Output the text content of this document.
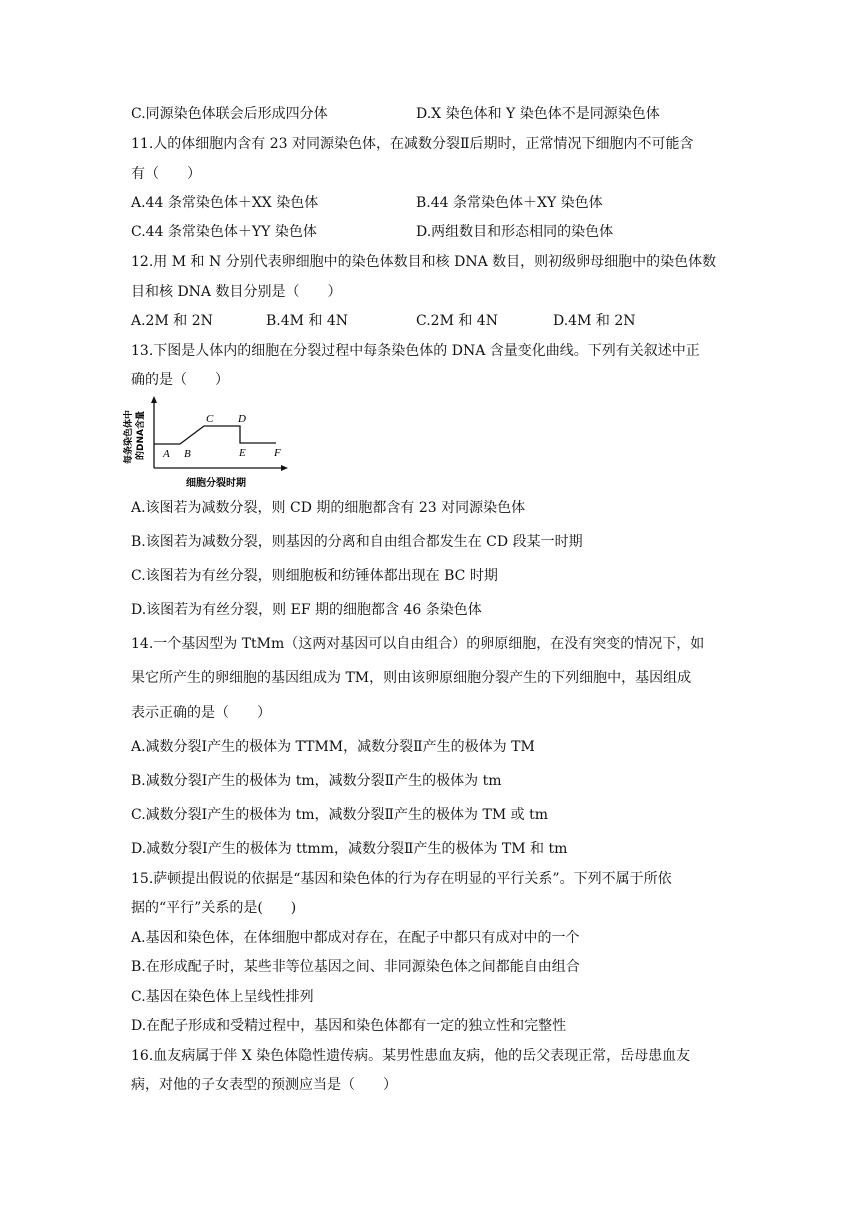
C.同源染色体联会后形成四分体	D.X 染色体和 Y 染色体不是同源染色体
11.人的体细胞内含有 23 对同源染色体，在减数分裂Ⅱ后期时，正常情况下细胞内不可能含
有（　　）
A.44 条常染色体＋XX 染色体	B.44 条常染色体＋XY 染色体
C.44 条常染色体＋YY 染色体	D.两组数目和形态相同的染色体
12.用 M 和 N 分别代表卵细胞中的染色体数目和核 DNA 数目，则初级卵母细胞中的染色体数
目和核 DNA 数目分别是（　　）
A.2M 和 2N	B.4M 和 4N	C.2M 和 4N	D.4M 和 2N
13.下图是人体内的细胞在分裂过程中每条染色体的 DNA 含量变化曲线。下列有关叙述中正
确的是（　　）
A B
C D
E	F
每条染色体中 的DNA含量
细胞分裂时期
A.该图若为减数分裂，则 CD 期的细胞都含有 23 对同源染色体
B.该图若为减数分裂，则基因的分离和自由组合都发生在 CD 段某一时期
C.该图若为有丝分裂，则细胞板和纺锤体都出现在 BC 时期
D.该图若为有丝分裂，则 EF 期的细胞都含 46 条染色体
14.一个基因型为 TtMm（这两对基因可以自由组合）的卵原细胞，在没有突变的情况下，如
果它所产生的卵细胞的基因组成为 TM，则由该卵原细胞分裂产生的下列细胞中，基因组成
表示正确的是（　　）
A.减数分裂Ⅰ产生的极体为 TTMM，减数分裂Ⅱ产生的极体为 TM
B.减数分裂Ⅰ产生的极体为 tm，减数分裂Ⅱ产生的极体为 tm
C.减数分裂Ⅰ产生的极体为 tm，减数分裂Ⅱ产生的极体为 TM 或 tm
D.减数分裂Ⅰ产生的极体为 ttmm，减数分裂Ⅱ产生的极体为 TM 和 tm
15.萨顿提出假说的依据是“基因和染色体的行为存在明显的平行关系”。下列不属于所依
据的“平行”关系的是(　　)
A.基因和染色体，在体细胞中都成对存在，在配子中都只有成对中的一个
B.在形成配子时，某些非等位基因之间、非同源染色体之间都能自由组合
C.基因在染色体上呈线性排列
D.在配子形成和受精过程中，基因和染色体都有一定的独立性和完整性
16.血友病属于伴 X 染色体隐性遗传病。某男性患血友病，他的岳父表现正常，岳母患血友
病，对他的子女表型的预测应当是（　　）
